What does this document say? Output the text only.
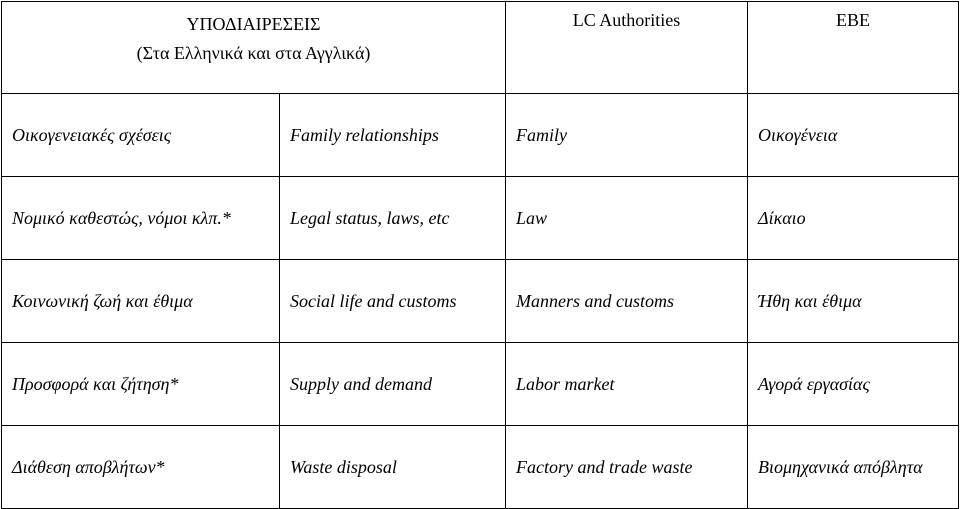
ΥΠΟΔΙΑΙΡΕΣΕΙΣ
(Στα Ελληνικά και στα Αγγλικά)		LC Authorities	EBE
Οικογενειακές σχέσεις	Family relationships	Family	Οικογένεια
Νομικό καθεστώς, νόμοι κλπ.*	Legal status, laws, etc	Law	Δίκαιο
Κοινωνική ζωή και έθιμα	Social life and customs	Manners and customs	Ήθη και έθιμα
Προσφορά και ζήτηση*	Supply and demand	Labor market	Αγορά εργασίας
Διάθεση αποβλήτων*	Waste disposal	Factory and trade waste	Βιομηχανικά απόβλητα
